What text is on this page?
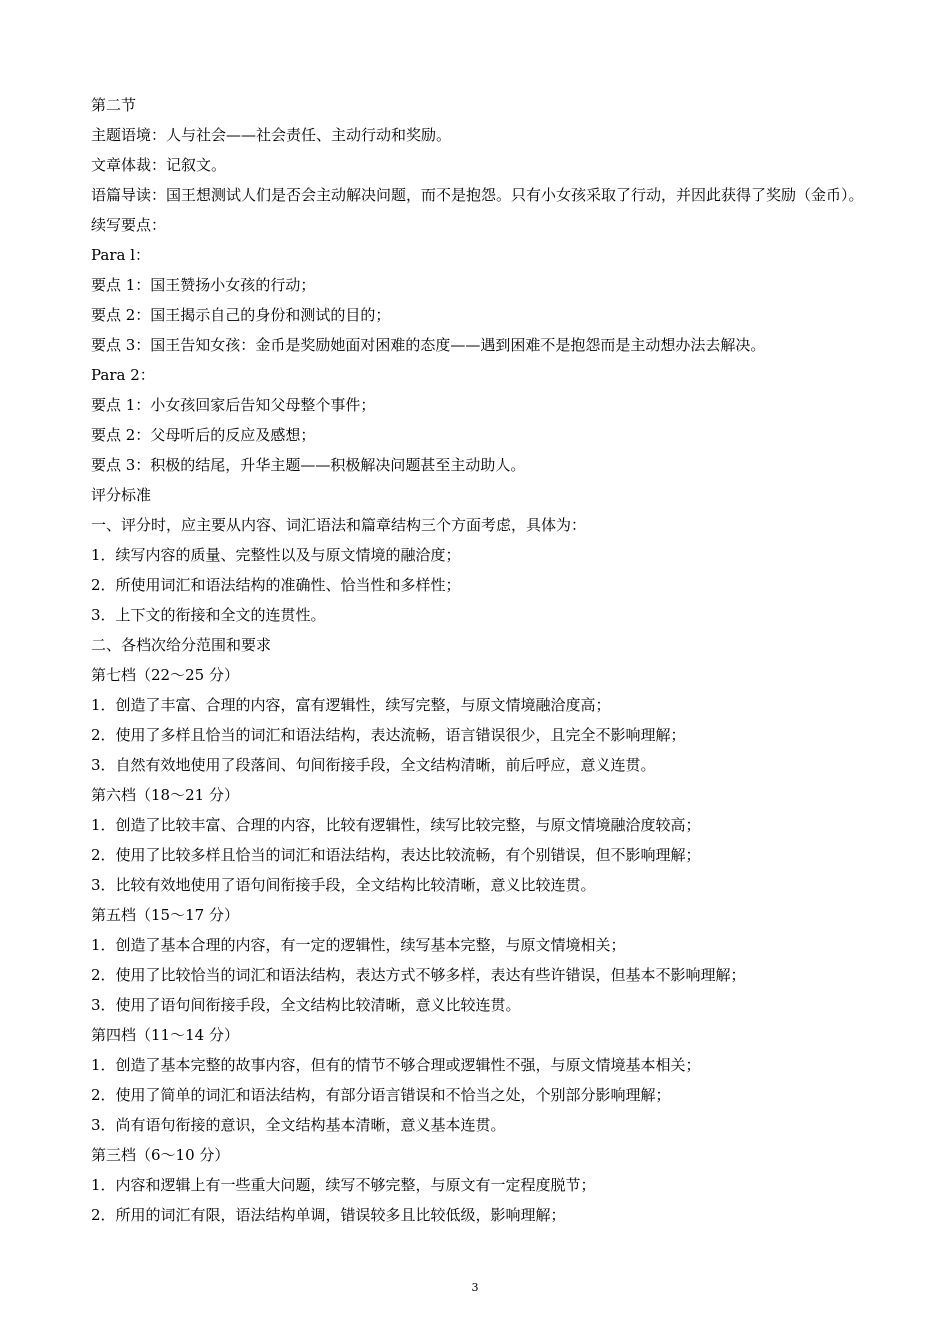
第二节

主题语境：人与社会——社会责任、主动行动和奖励。

文章体裁：记叙文。

语篇导读：国王想测试人们是否会主动解决问题，而不是抱怨。只有小女孩采取了行动，并因此获得了奖励（金币）。

续写要点：

Para l：

要点 1：国王赞扬小女孩的行动；

要点 2：国王揭示自己的身份和测试的目的；

要点 3：国王告知女孩：金币是奖励她面对困难的态度——遇到困难不是抱怨而是主动想办法去解决。

Para 2：

要点 1：小女孩回家后告知父母整个事件；

要点 2：父母听后的反应及感想；

要点 3：积极的结尾，升华主题——积极解决问题甚至主动助人。

评分标准

一、评分时，应主要从内容、词汇语法和篇章结构三个方面考虑，具体为：

1．续写内容的质量、完整性以及与原文情境的融洽度；

2．所使用词汇和语法结构的准确性、恰当性和多样性；

3．上下文的衔接和全文的连贯性。

二、各档次给分范围和要求

第七档（22～25 分）

1．创造了丰富、合理的内容，富有逻辑性，续写完整，与原文情境融洽度高；

2．使用了多样且恰当的词汇和语法结构，表达流畅，语言错误很少，且完全不影响理解；

3．自然有效地使用了段落间、句间衔接手段，全文结构清晰，前后呼应，意义连贯。

第六档（18～21 分）

1．创造了比较丰富、合理的内容，比较有逻辑性，续写比较完整，与原文情境融洽度较高；

2．使用了比较多样且恰当的词汇和语法结构，表达比较流畅，有个别错误，但不影响理解；

3．比较有效地使用了语句间衔接手段，全文结构比较清晰，意义比较连贯。

第五档（15～17 分）

1．创造了基本合理的内容，有一定的逻辑性，续写基本完整，与原文情境相关；

2．使用了比较恰当的词汇和语法结构，表达方式不够多样，表达有些许错误，但基本不影响理解；

3．使用了语句间衔接手段，全文结构比较清晰，意义比较连贯。

第四档（11～14 分）

1．创造了基本完整的故事内容，但有的情节不够合理或逻辑性不强，与原文情境基本相关；

2．使用了简单的词汇和语法结构，有部分语言错误和不恰当之处，个别部分影响理解；

3．尚有语句衔接的意识，全文结构基本清晰，意义基本连贯。

第三档（6～10 分）

1．内容和逻辑上有一些重大问题，续写不够完整，与原文有一定程度脱节；

2．所用的词汇有限，语法结构单调，错误较多且比较低级，影响理解；

3
